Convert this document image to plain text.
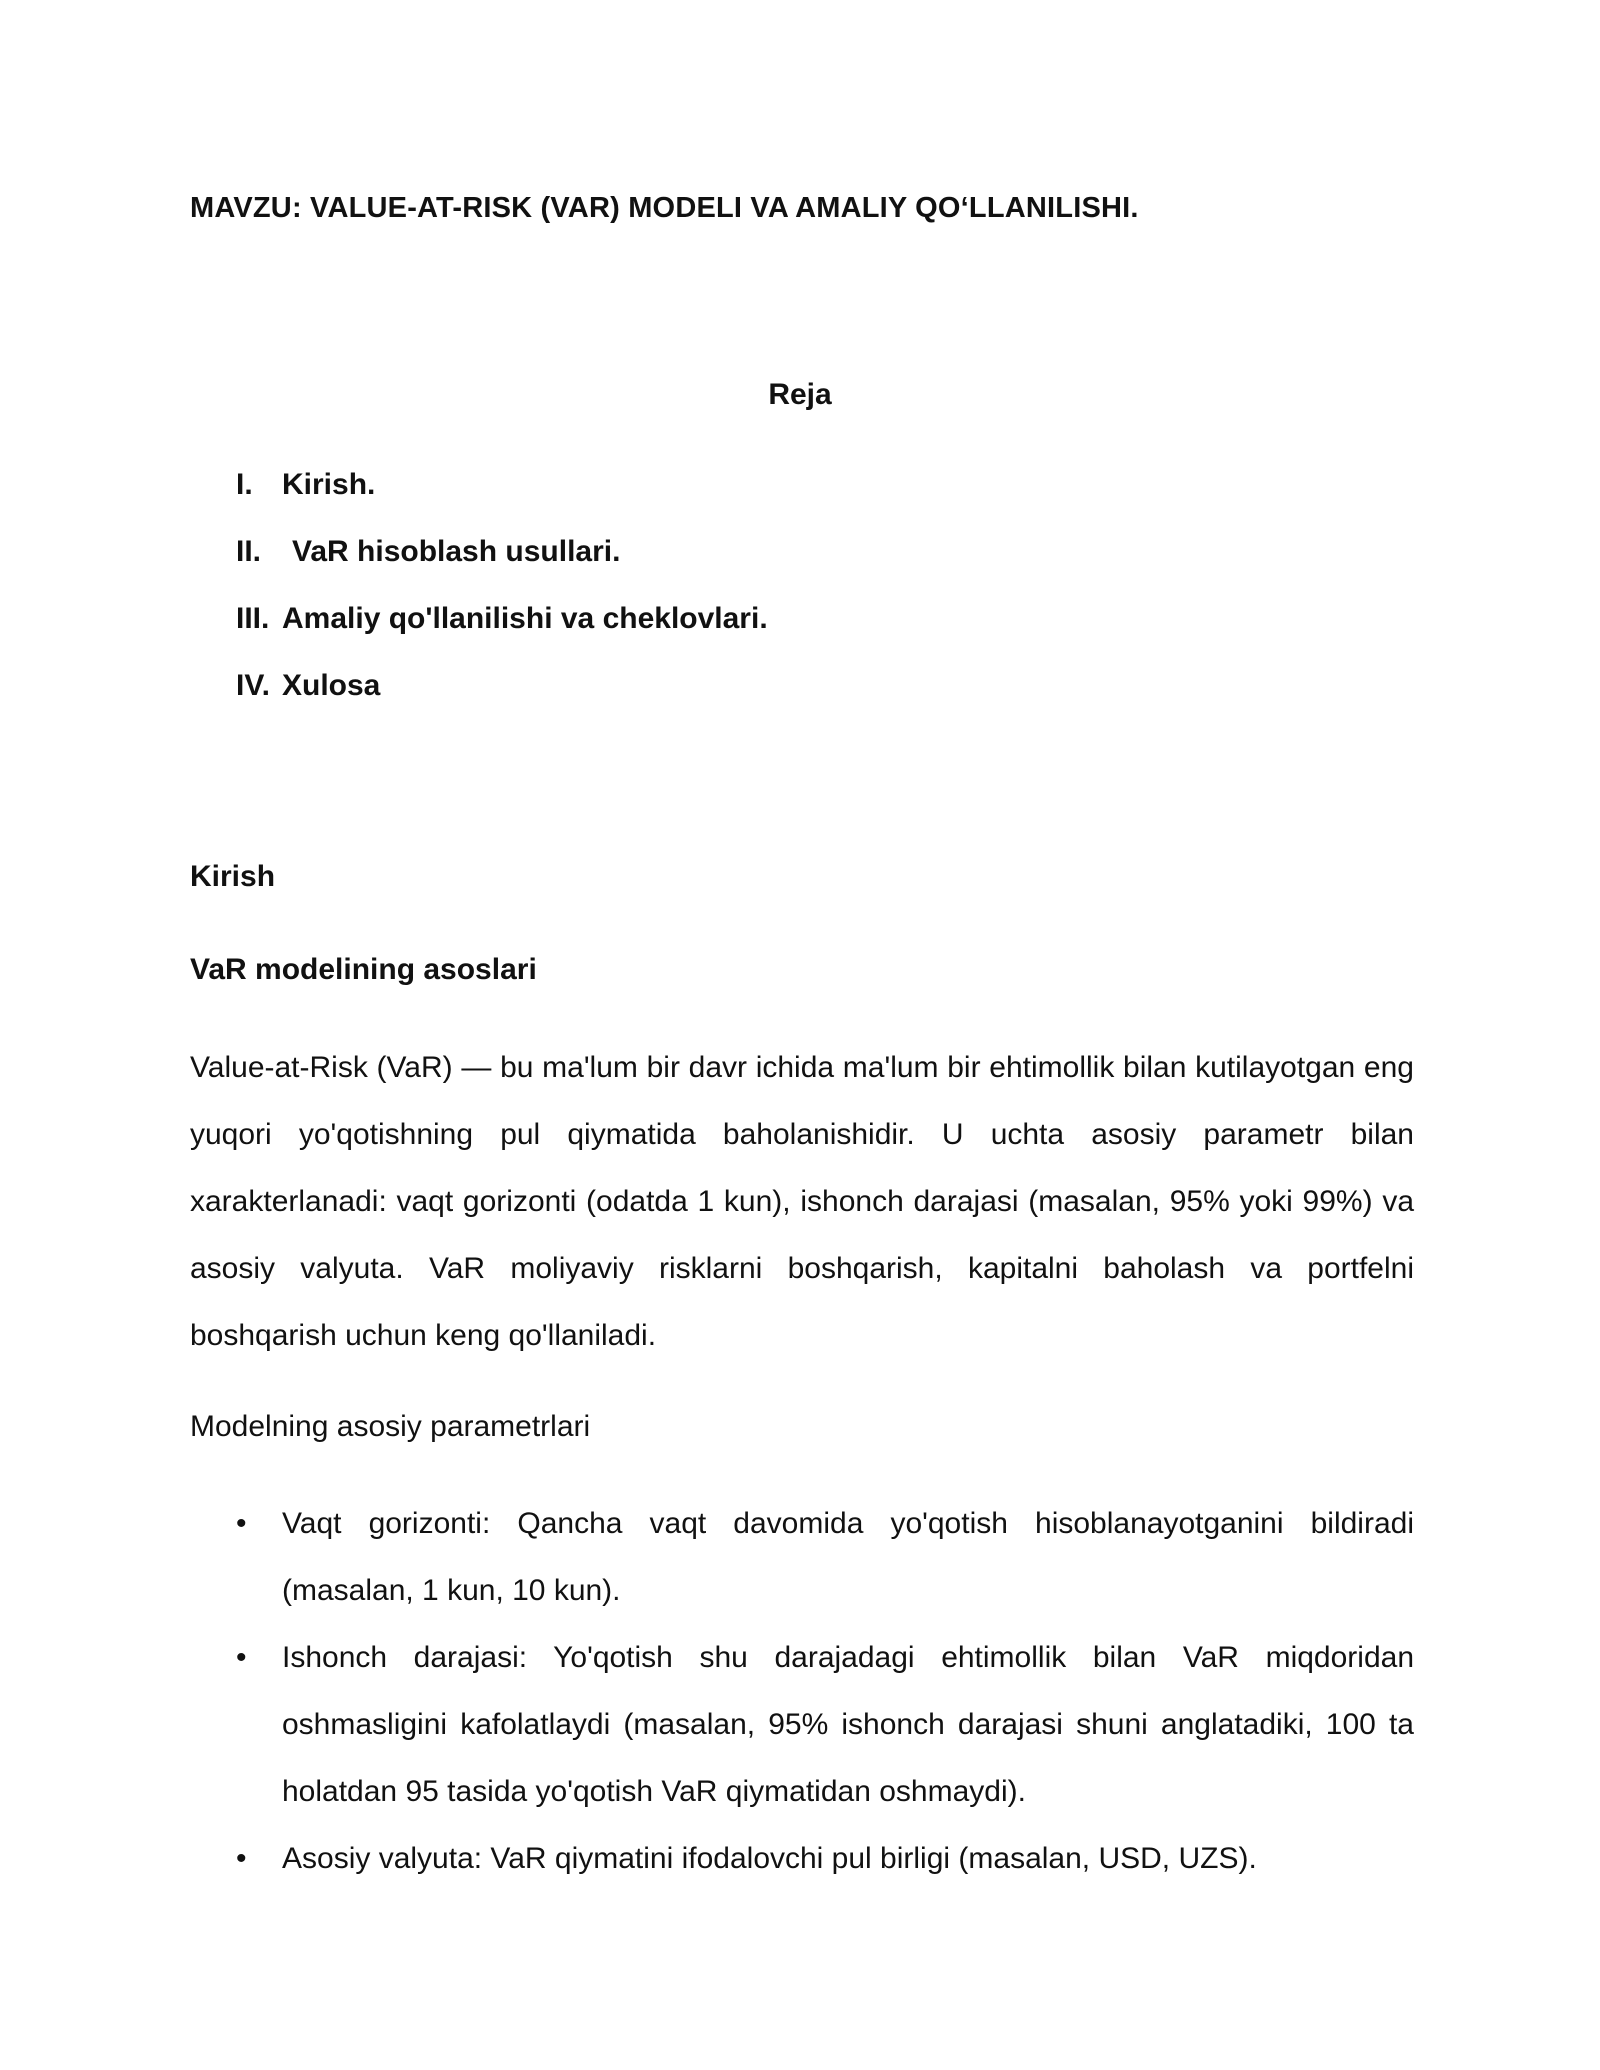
MAVZU: VALUE-AT-RISK (VAR) MODELI VA AMALIY QO‘LLANILISHI.
Reja
I. Kirish.
II.	VaR hisoblash usullari.
III. Amaliy qo'llanilishi va cheklovlari.
IV. Xulosa
Kirish
VaR modelining asoslari

Value-at-Risk (VaR) — bu ma'lum bir davr ichida ma'lum bir ehtimollik bilan kutilayotgan eng yuqori yo'qotishning pul qiymatida baholanishidir. U uchta asosiy parametr bilan xarakterlanadi: vaqt gorizonti (odatda 1 kun), ishonch darajasi (masalan, 95% yoki 99%) va asosiy valyuta. VaR moliyaviy risklarni boshqarish, kapitalni baholash va portfelni boshqarish uchun keng qo'llaniladi.

Modelning asosiy parametrlari
•	Vaqt gorizonti: Qancha vaqt davomida yo'qotish hisoblanayotganini bildiradi (masalan, 1 kun, 10 kun).
•	Ishonch darajasi: Yo'qotish shu darajadagi ehtimollik bilan VaR miqdoridan oshmasligini kafolatlaydi (masalan, 95% ishonch darajasi shuni anglatadiki, 100 ta holatdan 95 tasida yo'qotish VaR qiymatidan oshmaydi).
•	Asosiy valyuta: VaR qiymatini ifodalovchi pul birligi (masalan, USD, UZS).
